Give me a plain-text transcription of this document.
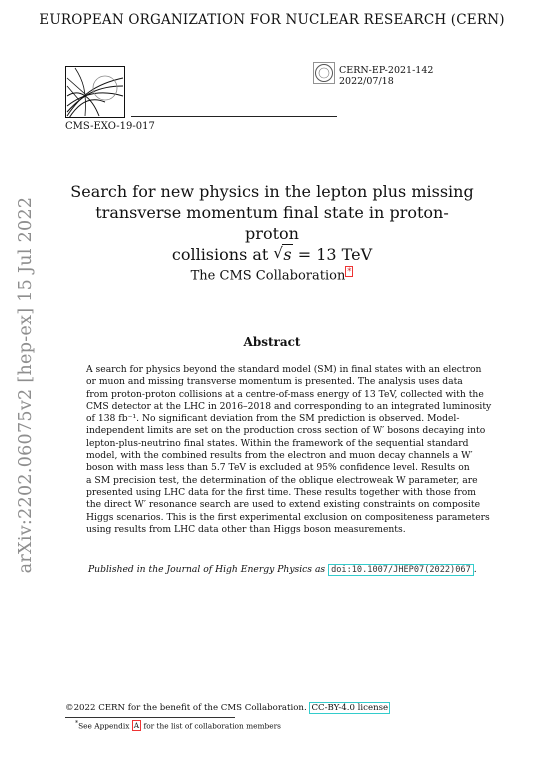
EUROPEAN ORGANIZATION FOR NUCLEAR RESEARCH (CERN)
CMS-EXO-19-017
CERN-EP-2021-142
2022/07/18
arXiv:2202.06075v2 [hep-ex] 15 Jul 2022
Search for new physics in the lepton plus missing
transverse momentum final state in proton-proton
collisions at √ s = 13 TeV
The CMS Collaboration *
Abstract
A search for physics beyond the standard model (SM) in final states with an electron
or muon and missing transverse momentum is presented. The analysis uses data
from proton-proton collisions at a centre-of-mass energy of 13 TeV, collected with the
CMS detector at the LHC in 2016–2018 and corresponding to an integrated luminosity
of 138 fb⁻¹. No significant deviation from the SM prediction is observed. Model-
independent limits are set on the production cross section of W′ bosons decaying into
lepton-plus-neutrino final states. Within the framework of the sequential standard
model, with the combined results from the electron and muon decay channels a W′
boson with mass less than 5.7 TeV is excluded at 95% confidence level. Results on
a SM precision test, the determination of the oblique electroweak W parameter, are
presented using LHC data for the first time. These results together with those from
the direct W′ resonance search are used to extend existing constraints on composite
Higgs scenarios. This is the first experimental exclusion on compositeness parameters
using results from LHC data other than Higgs boson measurements.
Published in the Journal of High Energy Physics as doi:10.1007/JHEP07(2022)067 .
©2022 CERN for the benefit of the CMS Collaboration. CC-BY-4.0 license
*See Appendix A for the list of collaboration members
